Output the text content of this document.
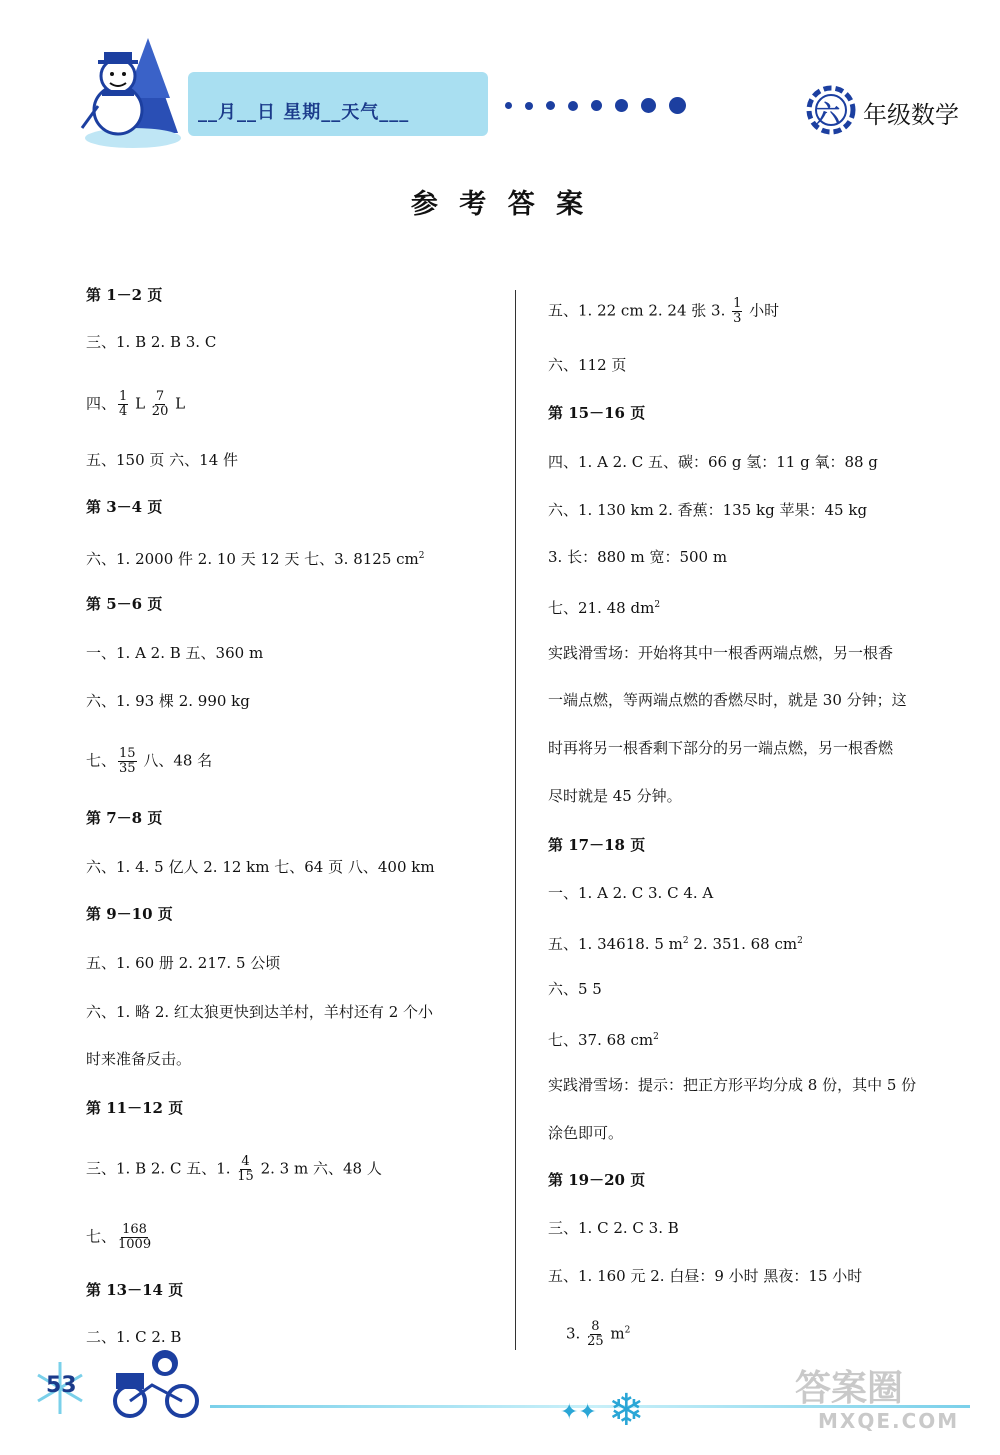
__月__日 星期__天气___	六 年级数学
参 考 答 案
第 1－2 页
三、1. B 2. B 3. C
四、 $\frac{1}{4}$ L $\frac{7}{20}$ L
五、150 页 六、14 件
第 3－4 页
六、1. 2000 件 2. 10 天 12 天 七、3. 8125 $cm^2$
第 5－6 页
一、1. A 2. B 五、360 m
六、1. 93 棵 2. 990 kg
七、 $\frac{15}{35}$ 八、48 名
第 7－8 页
六、1. 4. 5 亿人 2. 12 km 七、64 页 八、400 km
第 9－10 页
五、1. 60 册 2. 217. 5 公顷
六、1. 略 2. 红太狼更快到达羊村，羊村还有 2 个小
时来准备反击。
第 11－12 页
三、1. B 2. C 五、1. $\frac{4}{15} 2$. 3 m 六、48 人
七、 $\frac{168}{1009}$
第 13－14 页
二、1. C 2. B
五、1. 22 cm 2. 24 张 3. $\frac{1}{3}$ 小时
六、112 页
第 15－16 页
四、1. A 2. C 五、碳：66 g 氢：11 g 氧：88 g
六、1. 130 km 2. 香蕉：135 kg 苹果：45 kg
3. 长：880 m 宽：500 m
七、21. 48 $dm^2$
实践滑雪场：开始将其中一根香两端点燃，另一根香
一端点燃，等两端点燃的香燃尽时，就是 30 分钟；这
时再将另一根香剩下部分的另一端点燃，另一根香燃
尽时就是 45 分钟。
第 17－18 页
一、1. A 2. C 3. C 4. A
五、1. 34618. 5 $m^2$ 2. 351. 68 $cm^2$
六、5 5
七、37. 68 $cm^2$
实践滑雪场：提示：把正方形平均分成 8 份，其中 5 份
涂色即可。
第 19－20 页
三、1. C 2. C 3. B
五、1. 160 元 2. 白昼：9 小时 黑夜：15 小时
3. $\frac{8}{25} m^2$
53
✦✦ ❄	答案圈
MXQE.COM
